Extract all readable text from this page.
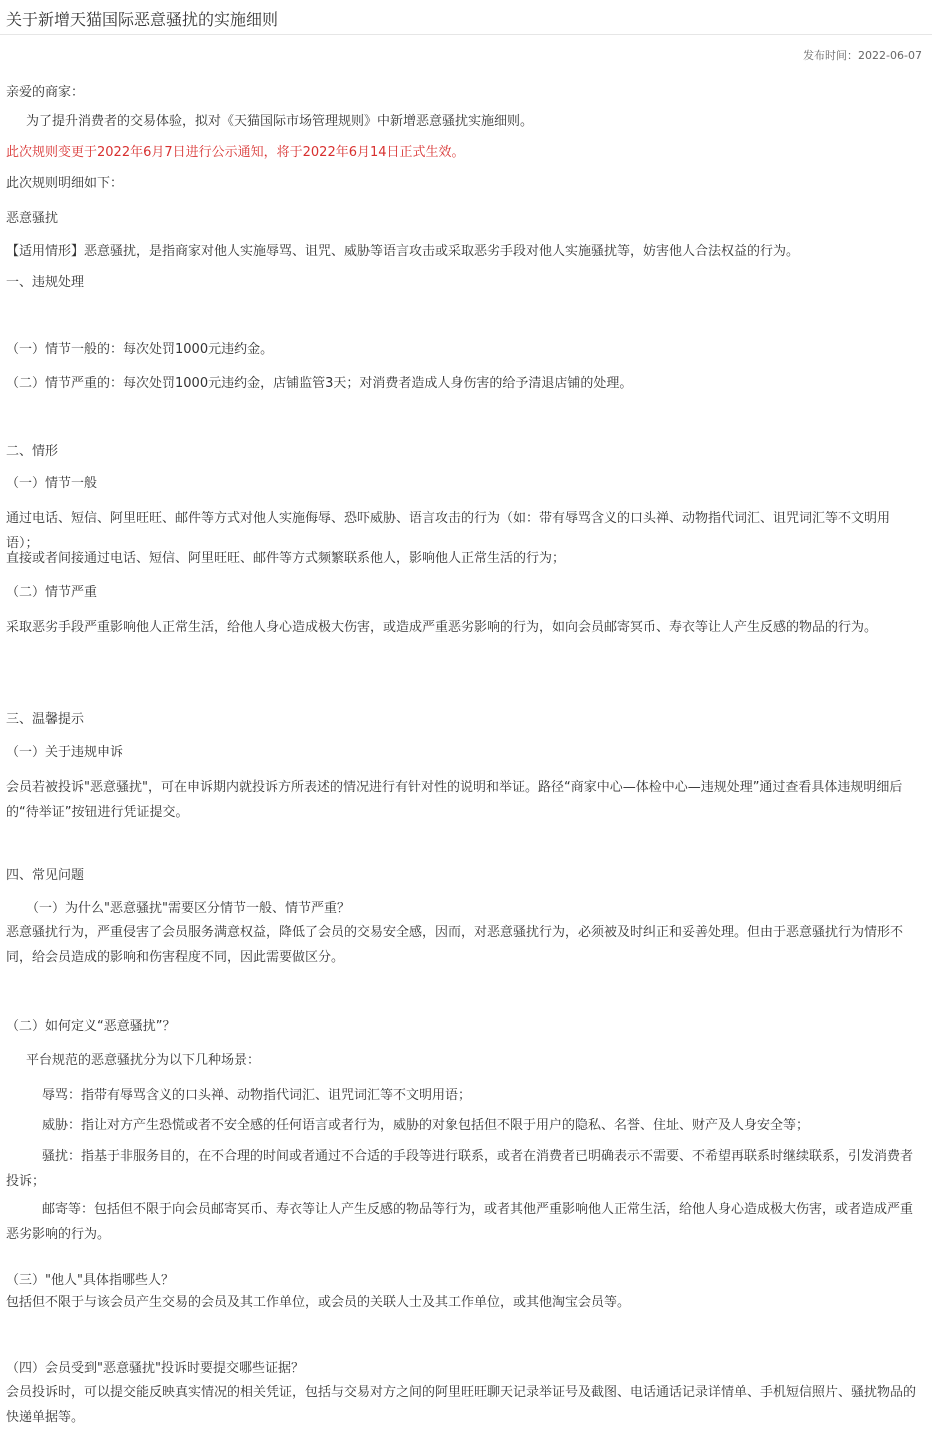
关于新增天猫国际恶意骚扰的实施细则
发布时间：2022-06-07
亲爱的商家：
为了提升消费者的交易体验，拟对《天猫国际市场管理规则》中新增恶意骚扰实施细则。
此次规则变更于2022年6月7日进行公示通知，将于2022年6月14日正式生效。
此次规则明细如下：
恶意骚扰
【适用情形】恶意骚扰，是指商家对他人实施辱骂、诅咒、威胁等语言攻击或采取恶劣手段对他人实施骚扰等，妨害他人合法权益的行为。
一、违规处理
（一）情节一般的：每次处罚1000元违约金。
（二）情节严重的：每次处罚1000元违约金，店铺监管3天；对消费者造成人身伤害的给予清退店铺的处理。
二、情形
（一）情节一般
通过电话、短信、阿里旺旺、邮件等方式对他人实施侮辱、恐吓威胁、语言攻击的行为（如：带有辱骂含义的口头禅、动物指代词汇、诅咒词汇等不文明用语）；
直接或者间接通过电话、短信、阿里旺旺、邮件等方式频繁联系他人，影响他人正常生活的行为；
（二）情节严重
采取恶劣手段严重影响他人正常生活，给他人身心造成极大伤害，或造成严重恶劣影响的行为，如向会员邮寄冥币、寿衣等让人产生反感的物品的行为。
三、温馨提示
（一）关于违规申诉
会员若被投诉"恶意骚扰"，可在申诉期内就投诉方所表述的情况进行有针对性的说明和举证。路径“商家中心—体检中心—违规处理”通过查看具体违规明细后的“待举证”按钮进行凭证提交。
四、常见问题
（一）为什么"恶意骚扰"需要区分情节一般、情节严重？
恶意骚扰行为，严重侵害了会员服务满意权益，降低了会员的交易安全感，因而，对恶意骚扰行为，必须被及时纠正和妥善处理。但由于恶意骚扰行为情形不同，给会员造成的影响和伤害程度不同，因此需要做区分。
（二）如何定义“恶意骚扰”？
平台规范的恶意骚扰分为以下几种场景：
辱骂：指带有辱骂含义的口头禅、动物指代词汇、诅咒词汇等不文明用语；
威胁：指让对方产生恐慌或者不安全感的任何语言或者行为，威胁的对象包括但不限于用户的隐私、名誉、住址、财产及人身安全等；
骚扰：指基于非服务目的，在不合理的时间或者通过不合适的手段等进行联系，或者在消费者已明确表示不需要、不希望再联系时继续联系，引发消费者投诉；
邮寄等：包括但不限于向会员邮寄冥币、寿衣等让人产生反感的物品等行为，或者其他严重影响他人正常生活，给他人身心造成极大伤害，或者造成严重恶劣影响的行为。
（三）"他人"具体指哪些人？
包括但不限于与该会员产生交易的会员及其工作单位，或会员的关联人士及其工作单位，或其他淘宝会员等。
（四）会员受到"恶意骚扰"投诉时要提交哪些证据？
会员投诉时，可以提交能反映真实情况的相关凭证，包括与交易对方之间的阿里旺旺聊天记录举证号及截图、电话通话记录详情单、手机短信照片、骚扰物品的快递单据等。
